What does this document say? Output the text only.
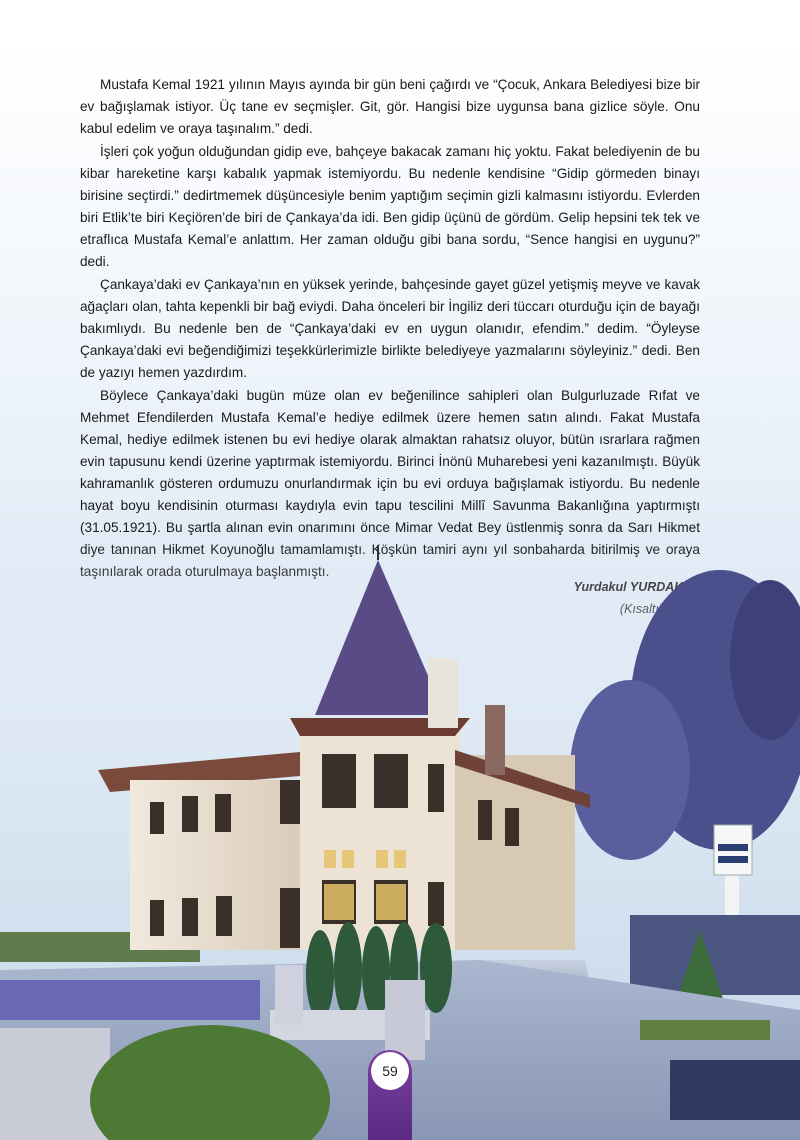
Mustafa Kemal 1921 yılının Mayıs ayında bir gün beni çağırdı ve “Çocuk, Ankara Belediyesi bize bir ev bağışlamak istiyor. Üç tane ev seçmişler. Git, gör. Hangisi bize uygunsa bana gizlice söyle. Onu kabul edelim ve oraya taşınalım.” dedi.

İşleri çok yoğun olduğundan gidip eve, bahçeye bakacak zamanı hiç yoktu. Fakat belediyenin de bu kibar hareketine karşı kabalık yapmak istemiyordu. Bu nedenle kendisine “Gidip görmeden binayı birisine seçtirdi.” dedirtmemek düşüncesiyle benim yaptığım seçimin gizli kalmasını istiyordu. Evlerden biri Etlik’te biri Keçiören’de biri de Çankaya’da idi. Ben gidip üçünü de gördüm. Gelip hepsini tek tek ve etraflıca Mustafa Kemal’e anlattım. Her zaman olduğu gibi bana sordu, “Sence hangisi en uygunu?” dedi.

Çankaya’daki ev Çankaya’nın en yüksek yerinde, bahçesinde gayet güzel yetişmiş meyve ve kavak ağaçları olan, tahta kepenkli bir bağ eviydi. Daha önceleri bir İngiliz deri tüccarı oturduğu için de bayağı bakımlıydı. Bu nedenle ben de “Çankaya’daki ev en uygun olanıdır, efendim.” dedim. “Öyleyse Çankaya’daki evi beğendiğimizi teşekkürlerimizle birlikte belediyeye yazmalarını söyleyiniz.” dedi. Ben de yazıyı hemen yazdırdım.

Böylece Çankaya’daki bugün müze olan ev beğenilince sahipleri olan Bulgurluzade Rıfat ve Mehmet Efendilerden Mustafa Kemal’e hediye edilmek üzere hemen satın alındı. Fakat Mustafa Kemal, hediye edilmek istenen bu evi hediye olarak almaktan rahatsız oluyor, bütün ısrarlara rağmen evin tapusunu kendi üzerine yaptırmak istemiyordu. Birinci İnönü Muharebesi yeni kazanılmıştı. Büyük kahramanlık gösteren ordumuzu onurlandırmak için bu evi orduya bağışlamak istiyordu. Bu nedenle hayat boyu kendisinin oturması kaydıyla evin tapu tescilini Millî Savunma Bakanlığına yaptırmıştı (31.05.1921). Bu şartla alınan evin onarımını önce Mimar Vedat Bey üstlenmiş sonra da Sarı Hikmet

59
